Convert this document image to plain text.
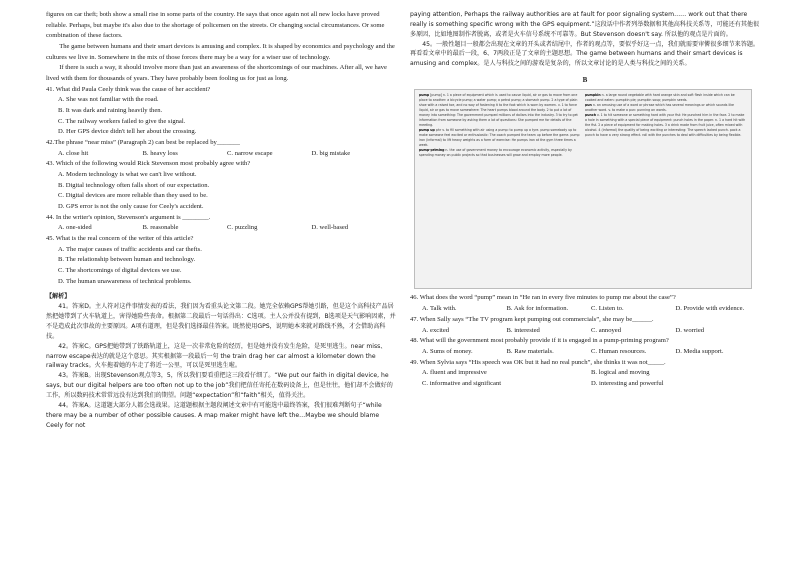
figures on car theft; both show a small rise in some parts of the country. He says that once again not all new locks have proved reliable. Perhaps, but maybe it's also due to the shortage of policemen on the streets. Or changing social circumstances. Or some combination of these factors.

The game between humans and their smart devices is amusing and complex. It is shaped by economics and psychology and the cultures we live in. Somewhere in the mix of those forces there may be a way for a wiser use of technology.

If there is such a way, it should involve more than just an awareness of the shortcomings of our machines. After all, we have lived with them for thousands of years. They have probably been fooling us for just as long.

41. What did Paula Ceely think was the cause of her accident?

A. She was not familiar with the road.

B. It was dark and raining heavily then.

C. The railway workers failed to give the signal.

D. Her GPS device didn't tell her about the crossing.

42.The phrase “near miss” (Paragraph 2) can best be replaced by_______

A. close hit	B. heavy loss	C. narrow escape	D. big mistake

43. Which of the following would Rick Stevenson most probably agree with?

A. Modern technology is what we can't live without.

B. Digital technology often falls short of our expectation.

C. Digital devices are more reliable than they used to be.

D. GPS error is not the only cause for Ceely's accident.

44. In the writer's opinion, Stevenson's argument is ________.

A. one-sided	B. reasonable	C. puzzling	D. well-based

45. What is the real concern of the writer of this article?

A. The major causes of traffic accidents and car thefts.

B. The relationship between human and technology.

C. The shortcomings of digital devices we use.

D. The human unawareness of technical problems.

【解析】

41。答案D。主人符对这件事情发表的看法，我们因为看重头论文第二段。她完全依赖GPS帮她引路，但是这个高科技产品居然把她带到了火车轨道上，害得她险些丧命。根据第二段最后一句话得出：C选项。主人公并没有提到，B选项是天气影响因素，并不是造成此次事故的主要原因。A项有道理，但是我们选择最佳答案。既然使用GPS，说明她本来就对路线不熟，才会借助高科技。

42。答案C。GPS把她带到了铁路轨道上，这是一次非常危险的经历，但是她并没有发生危险，是死里逃生。near miss、narrow escape表达的就是这个意思。其实根据第一段最后一句 the train drag her car almost a kilometer down the railway tracks。火车拖着她的车走了将近一公里，可以是死里逃生啦。

43。答案B。出现Stevenson观点等3，5，所以我们要看重把这三段看仔细了。“We put our faith in digital device, he says, but our digital helpers are too often not up to the job”我们把信任寄托在数码设备上，但是往往，他们却不会做好的工作，所以数码技术常常远没有达到我们的期望。问题“expectation”和“faith”相关，值得关注。

44。答案A。这道题大部分人都会选战果。这道题根据主题段阐述文章中有可能选中最终答案，我们很难判断句子“while there may be a number of other possible causes. A map maker might have left the…Maybe we should blame Ceely for not

paying attention, Perhaps the railway authorities are at fault for poor signaling system…… work out that there really is something specific wrong with the GPS equipment.”这段话中作者列举数据和其他高科技关系等，可能还有其他很多原因，比如地图制作者脱离，或者是火车信号系统不可靠等。But Stevenson doesn't say. 所以他的观点是片面的。

45。一般性题目一般都会出现在文章的开头或者结尾中，作者的观点等，要似乎好这一点，我们就需要审憐很多细节来答题。再看看文章中的最后一段，6、7两段正是了文章的主题思想。The game between humans and their smart devices is amusing and complex。是人与科技之间的游戏是复杂的，所以文章讨论的是人类与科技之间的关系。

B

pump [pump] n. 1 a piece of equipment which is used to cause liquid, air or gas to move from one place to another: a bicycle pump; a water pump; a petrol pump; a stomach pump. 2 a type of plain shoe with a raised toe, and no way of fastening it to the foot which is worn by women. v. 1 to force liquid, air or gas to move somewhere: The heart pumps blood around the body. 2 to put a lot of money into something: The government pumped millions of dollars into the industry. 3 to try to get information from someone by asking them a lot of questions: She pumped me for details of the meeting.

pump up phr v. to fill something with air using a pump: to pump up a tyre. pump somebody up to make someone feel excited or enthusiastic: The coach pumped the team up before the game. pump iron (informal) to lift heavy weights as a form of exercise: He pumps iron at the gym three times a week.

pump-priming n. the use of government money to encourage economic activity, especially by spending money on public projects so that businesses will grow and employ more people.

pumpkin n. a large round vegetable with hard orange skin and soft flesh inside which can be cooked and eaten: pumpkin pie; pumpkin soup; pumpkin seeds.

pun n. an amusing use of a word or phrase which has several meanings or which sounds like another word. v. to make a pun: punning on words.

punch v. 1 to hit someone or something hard with your fist: He punched him in the face. 2 to make a hole in something with a special piece of equipment: punch holes in the paper. n. 1 a hard hit with the fist. 2 a piece of equipment for making holes. 3 a drink made from fruit juice, often mixed with alcohol. 4 (informal) the quality of being exciting or interesting: The speech lacked punch. pack a punch to have a very strong effect. roll with the punches to deal with difficulties by being flexible.

46. What does the word “pump” mean in “He ran in every five minutes to pump me about the case”?

A. Talk with.	B. Ask for information.	C. Listen to.	D. Provide with evidence.

47. When Sally says “The TV program kept pumping out commercials”, she may be______.

A. excited	B. interested	C. annoyed	D. worried

48. What will the government most probably provide if it is engaged in a pump-priming program?

A. Sums of money.	B. Raw materials.	C. Human resources.	D. Media support.

49. When Sylvia says “His speech was OK but it had no real punch”, she thinks it was not_____.

A. fluent and impressive	B. logical and moving
C. informative and significant	D. interesting and powerful
